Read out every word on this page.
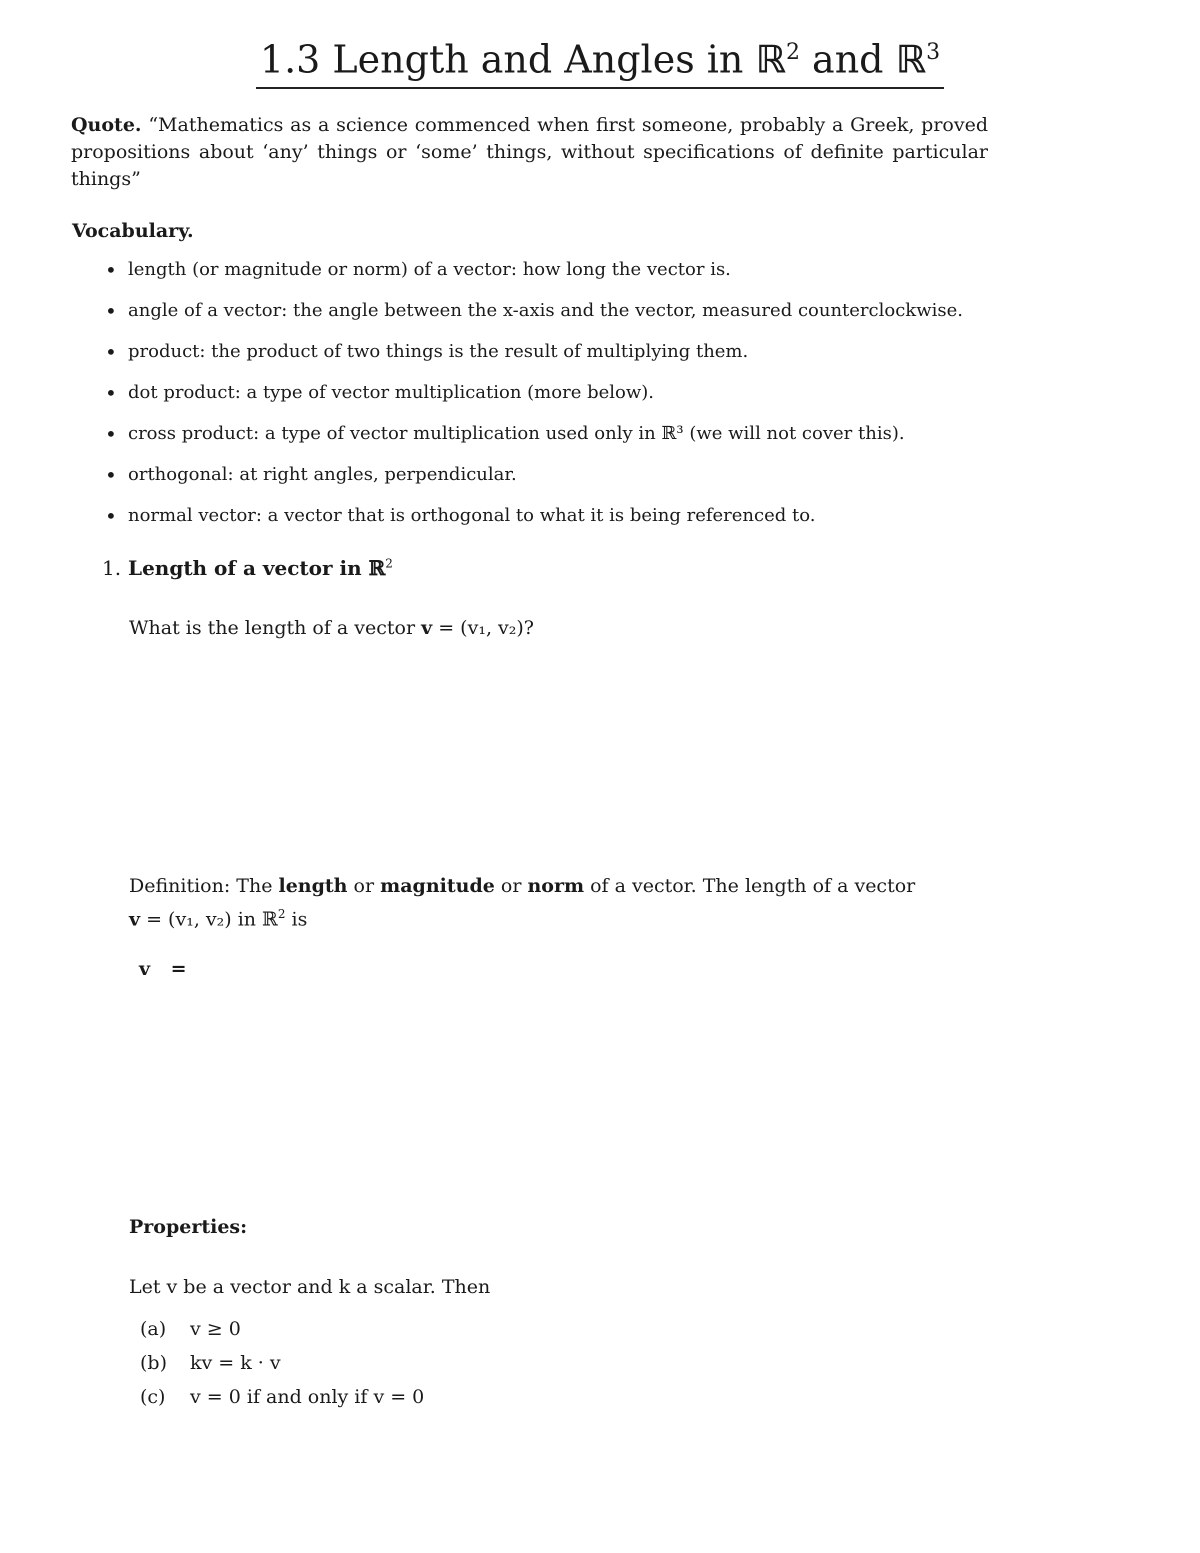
1.3 Length and Angles in ℝ$^2$ and ℝ$^3$

Quote. “Mathematics as a science commenced when first someone, probably a Greek, proved propositions about ‘any’ things or ‘some’ things, without specifications of definite particular things”

Vocabulary.

• length (or magnitude or norm) of a vector: how long the vector is.
• angle of a vector: the angle between the x-axis and the vector, measured counterclockwise.
• product: the product of two things is the result of multiplying them.
• dot product: a type of vector multiplication (more below).
• cross product: a type of vector multiplication used only in ℝ³ (we will not cover this).
• orthogonal: at right angles, perpendicular.
• normal vector: a vector that is orthogonal to what it is being referenced to.

1. Length of a vector in ℝ$^2$

What is the length of a vector v = (v₁, v₂)?

Definition: The length or magnitude or norm of a vector. The length of a vector
v = (v₁, v₂) in ℝ$^2$ is

v =

Properties:

Let v be a vector and k a scalar. Then

(a) v ≥ 0
(b) kv = k · v
(c) v = 0 if and only if v = 0
